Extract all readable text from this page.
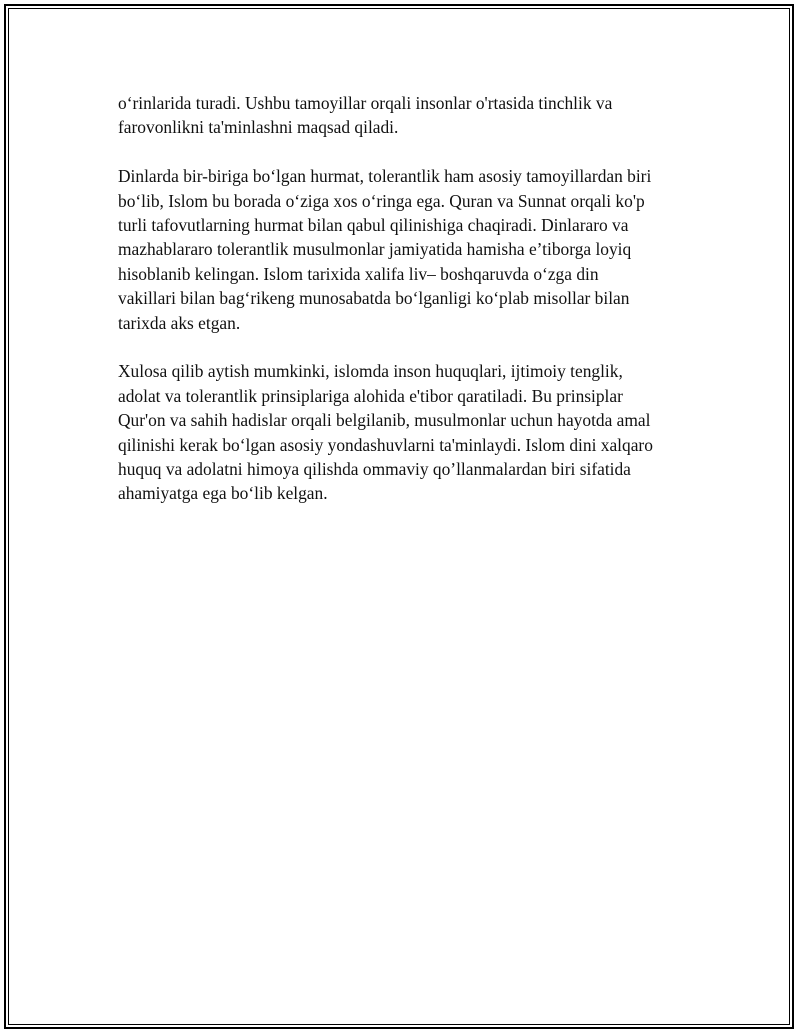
o‘rinlarida turadi. Ushbu tamoyillar orqali insonlar o'rtasida tinchlik va
farovonlikni ta'minlashni maqsad qiladi.

Dinlarda bir-biriga bo‘lgan hurmat, tolerantlik ham asosiy tamoyillardan biri
bo‘lib, Islom bu borada o‘ziga xos o‘ringa ega. Quran va Sunnat orqali ko'p
turli tafovutlarning hurmat bilan qabul qilinishiga chaqiradi. Dinlararo va
mazhablararo tolerantlik musulmonlar jamiyatida hamisha e’tiborga loyiq
hisoblanib kelingan. Islom tarixida xalifa liv– boshqaruvda o‘zga din
vakillari bilan bag‘rikeng munosabatda bo‘lganligi ko‘plab misollar bilan
tarixda aks etgan.

Xulosa qilib aytish mumkinki, islomda inson huquqlari, ijtimoiy tenglik,
adolat va tolerantlik prinsiplariga alohida e'tibor qaratiladi. Bu prinsiplar
Qur'on va sahih hadislar orqali belgilanib, musulmonlar uchun hayotda amal
qilinishi kerak bo‘lgan asosiy yondashuvlarni ta'minlaydi. Islom dini xalqaro
huquq va adolatni himoya qilishda ommaviy qo’llanmalardan biri sifatida
ahamiyatga ega bo‘lib kelgan.
